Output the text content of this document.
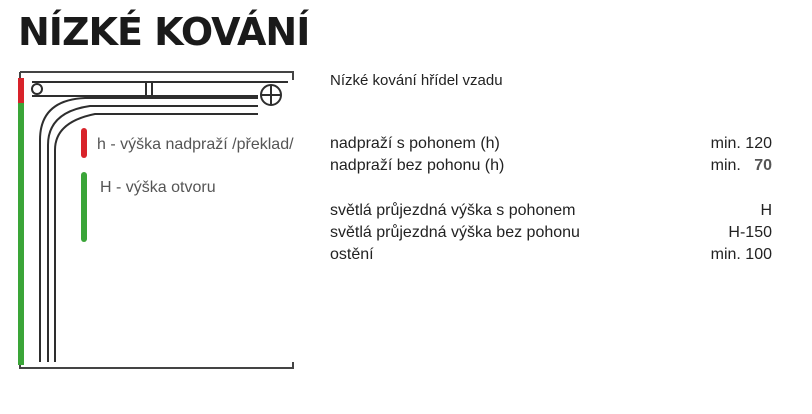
NÍZKÉ KOVÁNÍ
h - výška nadpraží /překlad/
H - výška otvoru
Nízké kování hřídel vzadu
nadpraží s pohonem (h)	min. 120
nadpraží bez pohonu (h)	min. 70
světlá průjezdná výška s pohonem	H
světlá průjezdná výška bez pohonu	H-150
ostění	min. 100
